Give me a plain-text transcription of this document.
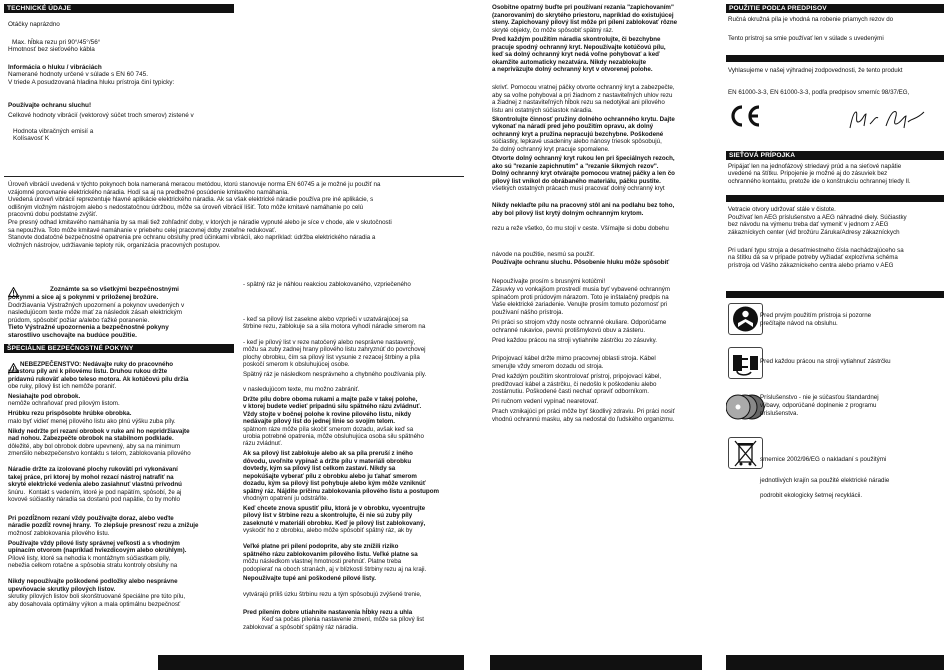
TECHNICKÉ ÚDAJE
Otáčky naprázdno
Max. hĺbka rezu pri 90°/45°/56°
Hmotnosť bez sieťového kábla
Informácia o hluku / vibráciách
Namerané hodnoty určené v súlade s EN 60 745.
V triede A posudzovaná hladina hluku prístroja činí typicky:
Používajte ochranu sluchu!
Celkové hodnoty vibrácií (vektorový súčet troch smerov) zistené v
Hodnota vibračných emisií a
Kolísavosť K
Úroveň vibrácií uvedená v týchto pokynoch bola nameraná meracou metódou, ktorú stanovuje norma EN 60745 a je možné ju použiť na
vzájomné porovnanie elektrického náradia. Hodí sa aj na predbežné posúdenie kmitavého namáhania.
Uvedená úroveň vibrácií reprezentuje hlavné aplikácie elektrického náradia. Ak sa však elektrické náradie používa pre iné aplikácie, s
odlišným vložným nástrojom alebo s nedostatočnou údržbou, môže sa úroveň vibrácií líšiť. Toto môže kmitavé namáhanie po celú
pracovnú dobu podstatne zvýšiť.
Pre presný odhad kmitavého namáhania by sa mali tiež zohľadniť doby, v ktorých je náradie vypnuté alebo je síce v chode, ale v skutočnosti
sa nepoužíva. Toto môže kmitavé namáhanie v priebehu celej pracovnej doby zreteľne redukovať.
Stanovte dodatočné bezpečnostné opatrenia pre ochranu obsluhy pred účinkami vibrácií, ako napríklad: údržba elektrického náradia a
vložných nástrojov, udržiavanie teploty rúk, organizácia pracovných postupov.
Zoznámte sa so všetkými bezpečnostnými
pokynmi a sice aj s pokynmi v priloženej brožúre.
Dodržiavania Výstražných upozornení a pokynov uvedených v
nasledujúcom texte môže mať za následok zásah elektrickým
prúdom, spôsobiť požiar a/alebo ťažké poranenie.
Tieto Výstražné upozornenia a bezpečnostné pokyny
starostlivo uschovajte na budúce použitie.
ŠPECIÁLNE BEZPEČNOSTNÉ POKYNY
NEBEZPEČENSTVO: Nedávajte ruky do pracovného
priestoru píly ani k pílovému listu. Druhou rukou držte
prídavnú rukoväť alebo teleso motora. Ak kotúčovú pílu držia
obe ruky, pílový list ich nemôže poraniť.
Nesiahajte pod obrobok.
nemôže ochraňovať pred pílovým listom.
Hrúbku rezu prispôsobte hrúbke obrobka.
malo byť vidieť menej pílového listu ako plnú výšku zuba píly.
Nikdy nedržte pri rezaní obrobok v ruke ani ho nepridržiavajte
nad nohou. Zabezpečte obrobok na stabilnom podklade.
dôležité, aby bol obrobok dobre upevnený, aby sa na minimum
zmenšilo nebezpečenstvo kontaktu s telom, zablokovania pílového
Náradie držte za izolované plochy rukovätí pri vykonávaní
takej práce, pri ktorej by mohol rezací nástroj natrafiť na
skryté elektrické vedenia alebo zasiahnuť vlastnú prívodnú
šnúru.  Kontakt s vedením, ktoré je pod napätím, spôsobí, že aj
kovové súčiastky náradia sa dostanú pod napätie, čo by mohlo
Pri pozdĺžnom rezaní vždy používajte doraz, alebo veďte
náradie pozdĺž rovnej hrany.  To zlepšuje presnosť rezu a znižuje
možnosť zablokovania pílového listu.
Používajte vždy pílové listy správnej veľkosti a s vhodným
upínacím otvorom (napríklad hviezdicovým alebo okrúhlym).
Pílové listy, ktoré sa nehodia k montážnym súčiastkam píly,
nebežia celkom rotačne a spôsobia stratu kontroly obsluhy na
Nikdy nepoužívajte poškodené podložky alebo nesprávne
upevňovacie skrutky pílových listov.
skrutky pílových listov boli skonštruované špeciálne pre túto pílu,
aby dosahovala optimálny výkon a mala optimálnu bezpečnosť
- spätný ráz je náhlou reakciou zablokovaného, vzpriečeného
- keď sa pílový list zasekne alebo vzprieči v uzatvárajúcej sa
štrbine rezu, zablokuje sa a sila motora vyhodí náradie smerom na
- keď je pílový list v reze natočený alebo nesprávne nastavený,
môžu sa zuby zadnej hrany pílového listu zahryznúť do povrchovej
plochy obrobku, čím sa pílový list vysunie z rezacej štrbiny a píla
poskočí smerom k obsluhujúcej osobe.
Spätný ráz je následkom nesprávneho a chybného používania píly.
v nasledujúcom texte, mu možno zabrániť.
Držte pílu dobre oboma rukami a majte paže v takej polohe,
v ktorej budete vedieť prípadnú silu spätného rázu zvládnuť.
Vždy stojte v bočnej polohe k rovine pílového listu, nikdy
nedávajte pílový list do jednej línie so svojím telom.
spätnom ráze môže píla skočiť smerom dozadu, avšak keď sa
urobia potrebné opatrenia, môže obsluhujúca osoba silu spätného
rázu zvládnuť.
Ak sa pílový list zablokuje alebo ak sa píla preruší z iného
dôvodu, uvoľnite vypínač a držte pílu v materiáli obrobku
dovtedy, kým sa pílový list celkom zastaví. Nikdy sa
nepokúšajte vyberať pílu z obrobku alebo ju ťahať smerom
dozadu, kým sa pílový list pohybuje alebo kým môže vzniknúť
spätný ráz. Nájdite príčinu zablokovania pílového listu a postupom
vhodným opatrení ju odstráňte.
Keď chcete znova spustiť pílu, ktorá je v obrobku, vycentrujte
pílový list v štrbine rezu a skontrolujte, či nie sú zuby píly
zaseknuté v materiáli obrobku. Keď je pílový list zablokovaný,
vyskočiť ho z obrobku, alebo môže spôsobiť spätný ráz, ak by
Veľké platne pri pílení podoprite, aby ste znížili riziko
spätného rázu zablokovaním pílového listu. Veľké platne sa
môžu následkom vlastnej hmotnosti prehnúť. Platne treba
podopierať na oboch stranách, aj v blízkosti štrbiny rezu aj na kraji.
Nepoužívajte tupé ani poškodené pílové listy.
vytvárajú príliš úzku štrbinu rezu a tým spôsobujú zvýšené trenie,
Pred pílením dobre utiahnite nastavenia hĺbky rezu a uhla
Keď sa počas pílenia nastavenie zmení, môže sa pílový list
zablokovať a spôsobiť spätný ráz náradia.
Osobitne opatrný buďte pri používaní rezania "zapichovaním"
(zanorovaním) do skrytého priestoru, napríklad do existujúcej
steny. Zapichovaný pílový list môže pri pílení zablokovať rôzne
skryté objekty, čo môže spôsobiť spätný ráz.
Pred každým použitím náradia skontrolujte, či bezchybne
pracuje spodný ochranný kryt. Nepoužívajte kotúčovú pílu,
keď sa dolný ochranný kryt nedá voľne pohybovať a keď
okamžite automaticky nezatvára. Nikdy nezablokujte
a nepriväzujte dolný ochranný kryt v otvorenej polohe.
skrivť. Pomocou vratnej páčky otvorte ochranný kryt a zabezpečte,
aby sa voľne pohyboval a pri žiadnom z nastaviteľných uhlov rezu
a žiadnej z nastaviteľných hĺbok rezu sa nedotýkal ani pílového
listu ani ostatných súčiastok náradia.
Skontrolujte činnosť pružiny dolného ochranného krytu. Dajte
vykonať na náradí pred jeho použitím opravu, ak dolný
ochranný kryt a pružina nepracujú bezchybne. Poškodené
súčiastky, lepkavé usadeniny alebo nánosy triesok spôsobujú,
že dolný ochranný kryt pracuje spomalene.
Otvorte dolný ochranný kryt rukou len pri špeciálnych rezoch,
ako sú "rezanie zapichnutím" a "rezanie šikmých rezov".
Dolný ochranný kryt otvárajte pomocou vratnej páčky a len čo
pílový list vnikol do obrábaného materiálu, páčku pustite.
všetkých ostatných prácach musí pracovať dolný ochranný kryt
Nikdy neklaďte pílu na pracovný stôl ani na podlahu bez toho,
aby bol pílový list krytý dolným ochranným krytom.
rezu a reže všetko, čo mu stojí v ceste. Všímajte si dobu dobehu
návode na použitie, nesmú sa použiť.
Používajte ochranu sluchu. Pôsobenie hluku môže spôsobiť
Nepoužívajte prosím s brusnými kotúčmi!
Zásuvky vo vonkajšom prostredí musia byť vybavené ochranným
spínačom proti prúdovým nárazom. Toto je inštalačný predpis na
Vaše elektrické zariadenie. Venujte prosím tomuto pozornosť pri
používaní nášho prístroja.
Pri práci so strojom vždy noste ochranné okuliare. Odporúčame
ochranné rukavice, pevnú protišmykovú obuv a zásteru.
Pred každou prácou na stroji vytiahnite zástrčku zo zásuvky.
Pripojovací kábel držte mimo pracovnej oblasti stroja. Kábel
smerujte vždy smerom dozadu od stroja.
Pred každým použitím skontrolovať prístroj, pripojovací kábel,
predlžovací kábel a zástrčku, či nedošlo k poškodeniu alebo
zostárnutiu. Poškodené časti nechať opraviť odborníkom.
Pri ručnom vedení vypínač nearetovať.
Prach vznikajúci pri práci môže byť škodlivý zdraviu. Pri práci nosiť
vhodnú ochrannú masku, aby sa nedostal do ľudského organizmu.
POUŽITIE PODĽA PREDPISOV
Ručná okružná píla je vhodná na robenie priamych rezov do
Tento prístroj sa smie používať len v súlade s uvedenými
Vyhlasujeme v našej výhradnej zodpovednosti, že tento produkt
EN 61000-3-3, EN 61000-3-3, podľa predpisov smerníc 98/37/EG,
SIEŤOVÁ PRÍPOJKA
Pripájať len na jednofázový striedavý prúd a na sieťové napätie
uvedené na štítku. Pripojenie je možné aj do zásuviek bez
ochranného kontaktu, pretože ide o konštrukciu ochrannej triedy II.
Vetracie otvory udržovať stále v čistote.
Používať len AEG príslušenstvo a AEG náhradné diely. Súčiastky
bez návodu na výmenu treba dať vymeniť v jednom z AEG
zákazníckych center (viď brožúru Záruka/Adresy zákazníckych
Pri udaní typu stroja a desaťmiestneho čísla nachádzajúceho sa
na štítku dá sa v prípade potreby vyžiadať explozívna schéma
prístroja od Vášho zákazníckeho centra alebo priamo v AEG
Pred prvým použitím prístroja si pozorne
prečítajte návod na obsluhu.
Pred každou prácou na stroji vytiahnuť zástrčku
Príslušenstvo - nie je súčasťou štandardnej
výbavy, odporúčané doplnenie z programu
príslušenstva.
smernice 2002/96/EG o nakladaní s použitými
jednotlivých krajín sa použité elektrické náradie
podrobit ekologicky šetrnej recyklácii.
